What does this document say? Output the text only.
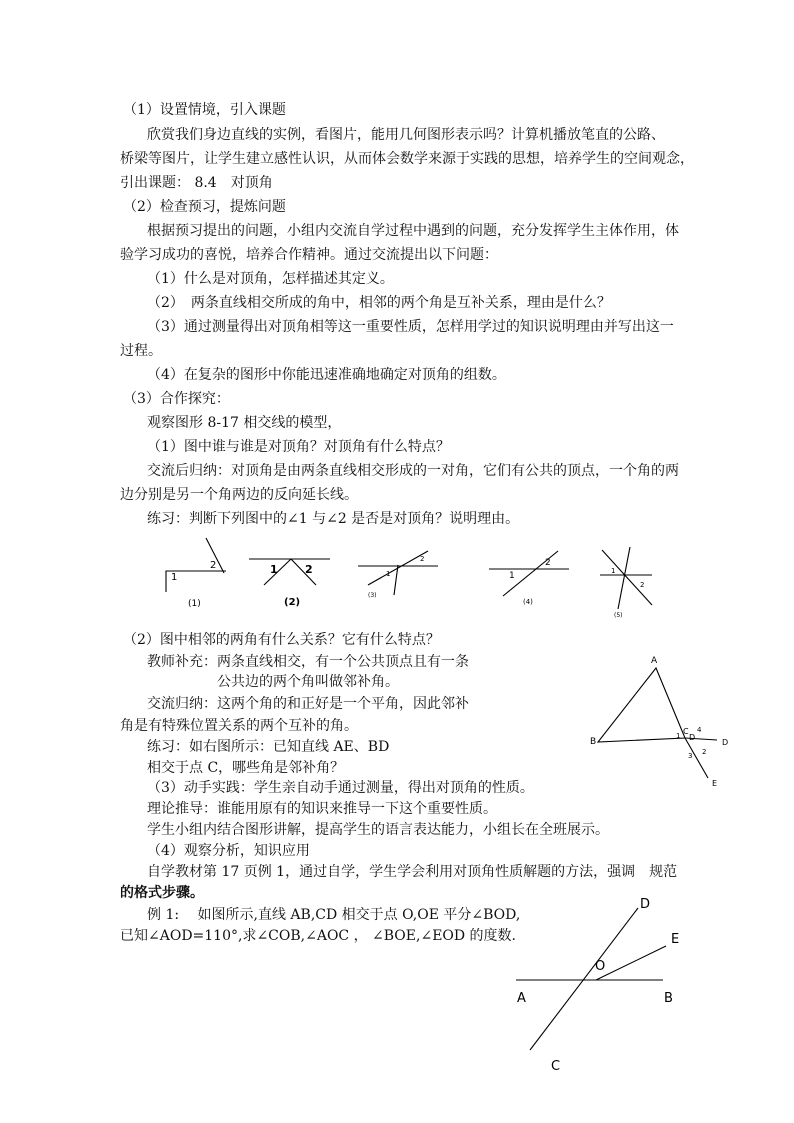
（1）设置情境，引入课题
欣赏我们身边直线的实例，看图片，能用几何图形表示吗？计算机播放笔直的公路、
桥梁等图片，让学生建立感性认识，从而体会数学来源于实践的思想，培养学生的空间观念，
引出课题： 8.4　对顶角
（2）检查预习，提炼问题
根据预习提出的问题，小组内交流自学过程中遇到的问题，充分发挥学生主体作用，体
验学习成功的喜悦，培养合作精神。通过交流提出以下问题：
（1）什么是对顶角，怎样描述其定义。
（2）　两条直线相交所成的角中，相邻的两个角是互补关系，理由是什么？
（3）通过测量得出对顶角相等这一重要性质，怎样用学过的知识说明理由并写出这一
过程。
（4）在复杂的图形中你能迅速准确地确定对顶角的组数。
（3）合作探究：
观察图形 8-17 相交线的模型，
（1）图中谁与谁是对顶角？对顶角有什么特点？
交流后归纳：对顶角是由两条直线相交形成的一对角，它们有公共的顶点，一个角的两
边分别是另一个角两边的反向延长线。
练习：判断下列图中的∠1 与∠2 是否是对顶角？说明理由。
1
2
(1)
1 2
(2)
1
2
(3)
1
2
(4)
1
2
(5)
（2）图中相邻的两角有什么关系？它有什么特点？
教师补充：两条直线相交，有一个公共顶点且有一条
公共边的两个角叫做邻补角。
交流归纳：这两个角的和正好是一个平角，因此邻补
角是有特殊位置关系的两个互补的角。
练习：如右图所示：已知直线 AE、BD
相交于点 C，哪些角是邻补角？
A
B	D
C
D
E
1
2
3
4
（3）动手实践：学生亲自动手通过测量，得出对顶角的性质。
理论推导：谁能用原有的知识来推导一下这个重要性质。
学生小组内结合图形讲解，提高学生的语言表达能力，小组长在全班展示。
（4）观察分析，知识应用
自学教材第 17 页例 1，通过自学，学生学会利用对顶角性质解题的方法，强调　规范
的格式步骤。
例 1:　 如图所示,直线 AB,CD 相交于点 O,OE 平分∠BOD,
已知∠AOD=110°,求∠COB,∠AOC ， ∠BOE,∠EOD 的度数.
D
E
O
A	B
C
